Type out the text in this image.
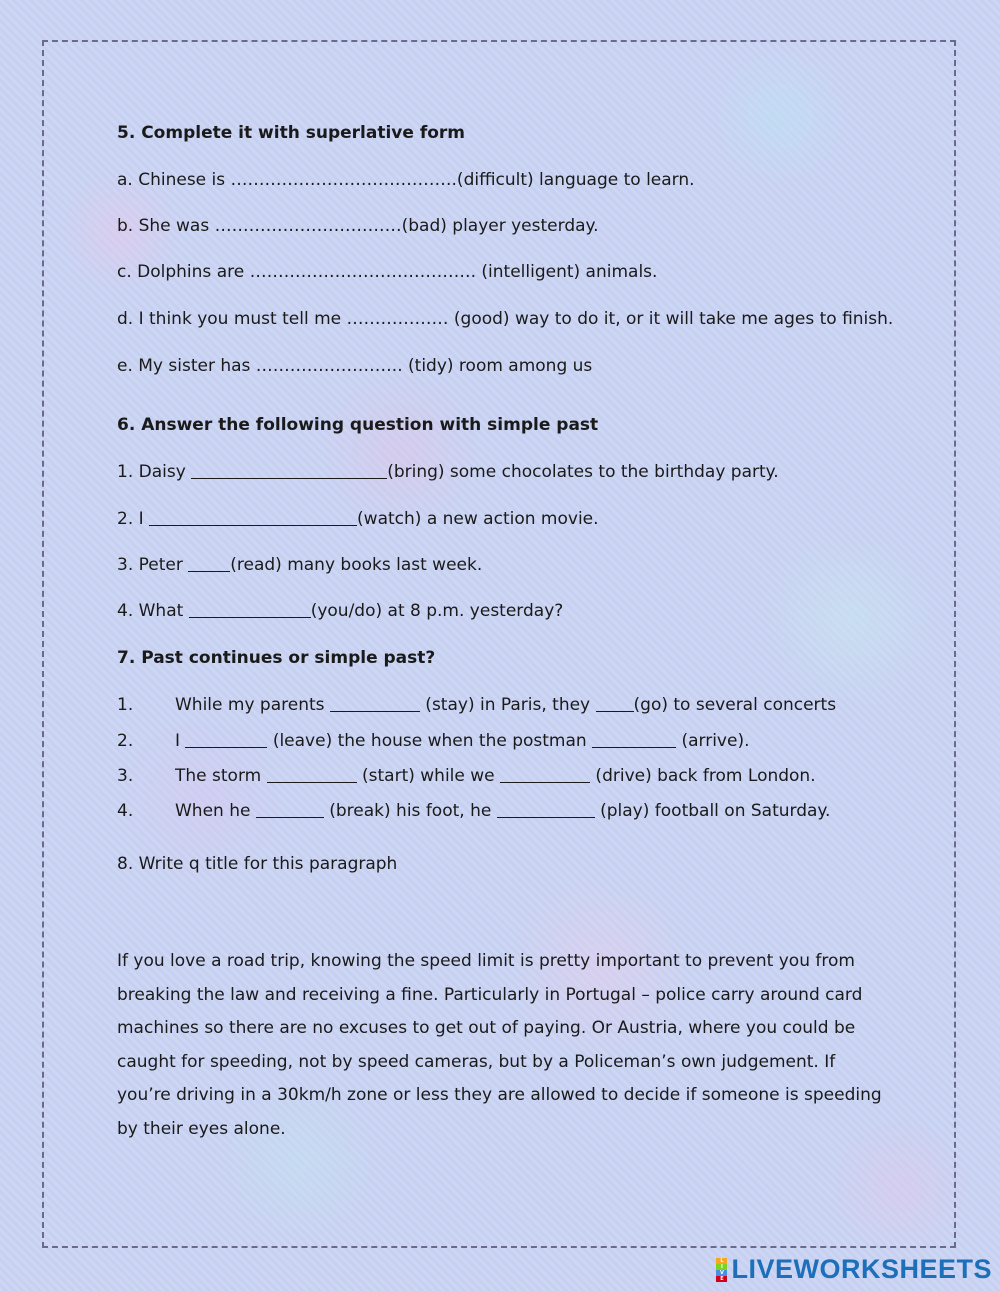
5. Complete it with superlative form
a. Chinese is ………………………………….(difficult) language to learn.
b. She was ……………………………(bad) player yesterday.
c. Dolphins are …………………………………. (intelligent) animals.
d. I think you must tell me ……………… (good) way to do it, or it will take me ages to finish.
e. My sister has …………………….. (tidy) room among us
6. Answer the following question with simple past
1. Daisy	(bring) some chocolates to the birthday party.
2. I	(watch) a new action movie.
3. Peter (read) many books last week.
4. What	(you/do) at 8 p.m. yesterday?
7. Past continues or simple past?
1. While my parents	(stay) in Paris, they (go) to several concerts
2. I	(leave) the house when the postman	(arrive).
3. The storm	(start) while we	(drive) back from London.
4. When he	(break) his foot, he	(play) football on Saturday.
8. Write q title for this paragraph
If you love a road trip, knowing the speed limit is pretty important to prevent you from breaking the law and receiving a fine. Particularly in Portugal – police carry around card machines so there are no excuses to get out of paying. Or Austria, where you could be caught for speeding, not by speed cameras, but by a Policeman’s own judgement. If you’re driving in a 30km/h zone or less they are allowed to decide if someone is speeding by their eyes alone.
L
I
V
E LIVEWORKSHEETS
